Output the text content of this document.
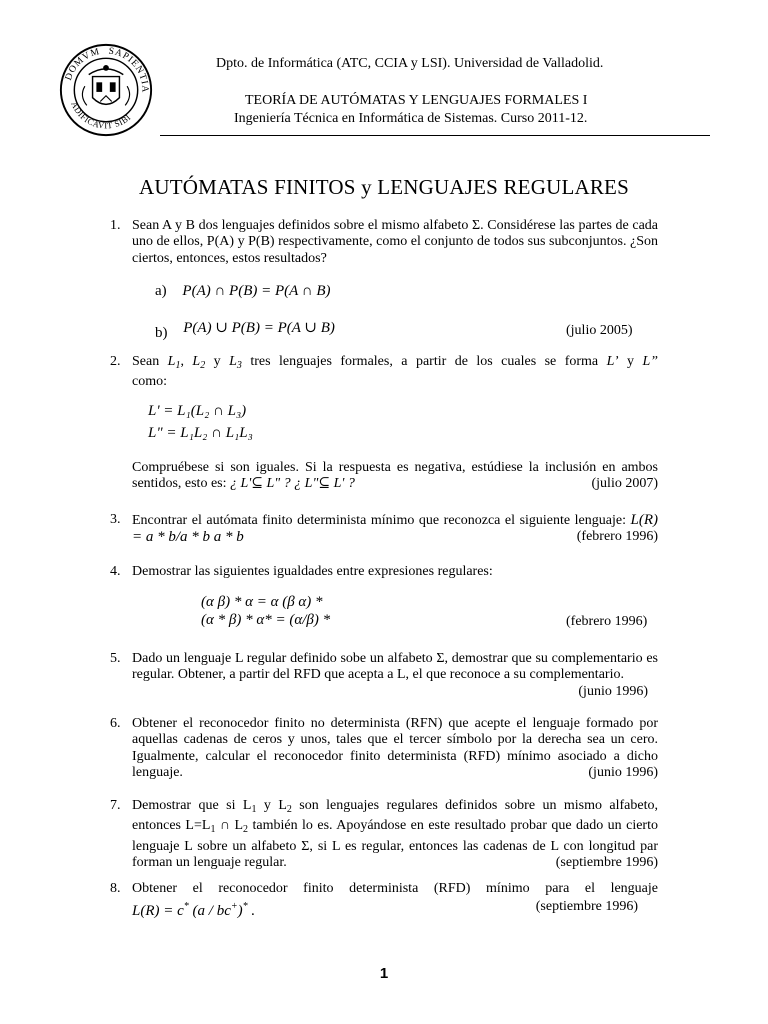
DOMVM SAPIENTIA
ADIFICAVIT SIBI
Dpto. de Informática (ATC, CCIA y LSI). Universidad de Valladolid.
TEORÍA DE AUTÓMATAS Y LENGUAJES FORMALES I
Ingeniería Técnica en Informática de Sistemas. Curso 2011-12.
AUTÓMATAS FINITOS y LENGUAJES REGULARES
1. Sean A y B dos lenguajes definidos sobre el mismo alfabeto Σ. Considérese las partes de cada uno de ellos, P(A) y P(B) respectivamente, como el conjunto de todos sus subconjuntos. ¿Son ciertos, entonces, estos resultados?
a) P(A) ∩ P(B) = P(A ∩ B)
b) P(A) ∪ P(B) = P(A ∪ B)	(julio 2005)
2. Sean $L_1$, $L_2$ y $L_3$ tres lenguajes formales, a partir de los cuales se forma L’ y L”
como:
L' = L₁(L₂ ∩ L₃)
L" = L₁L₂ ∩ L₁L₃
Compruébese si son iguales. Si la respuesta es negativa, estúdiese la inclusión en ambos sentidos, esto es: ¿ L'⊆ L" ? ¿ L"⊆ L' ?	(julio 2007)
3. Encontrar el autómata finito determinista mínimo que reconozca el siguiente lenguaje: L(R) = a * b/a * b a * b	(febrero 1996)
4. Demostrar las siguientes igualdades entre expresiones regulares:
(α β) * α = α (β α) *
(α * β) * α* = (α/β) *	(febrero 1996)
5. Dado un lenguaje L regular definido sobe un alfabeto Σ, demostrar que su complementario es regular. Obtener, a partir del RFD que acepta a L, el que reconoce a su complementario.
(junio 1996)
6. Obtener el reconocedor finito no determinista (RFN) que acepte el lenguaje formado por aquellas cadenas de ceros y unos, tales que el tercer símbolo por la derecha sea un cero. Igualmente, calcular el reconocedor finito determinista (RFD) mínimo asociado a dicho lenguaje.	(junio 1996)
7. Demostrar que si $L_1$ y $L_2$ son lenguajes regulares definidos sobre un mismo alfabeto, entonces $L=L_1$ ∩ $L_2$ también lo es. Apoyándose en este resultado probar que dado un cierto lenguaje L sobre un alfabeto Σ, si L es regular, entonces las cadenas de L con longitud par forman un lenguaje regular.	(septiembre 1996)
8. Obtener el reconocedor finito determinista (RFD) mínimo para el lenguaje
L(R) = c* (a / bc+)* .	(septiembre 1996)
1
